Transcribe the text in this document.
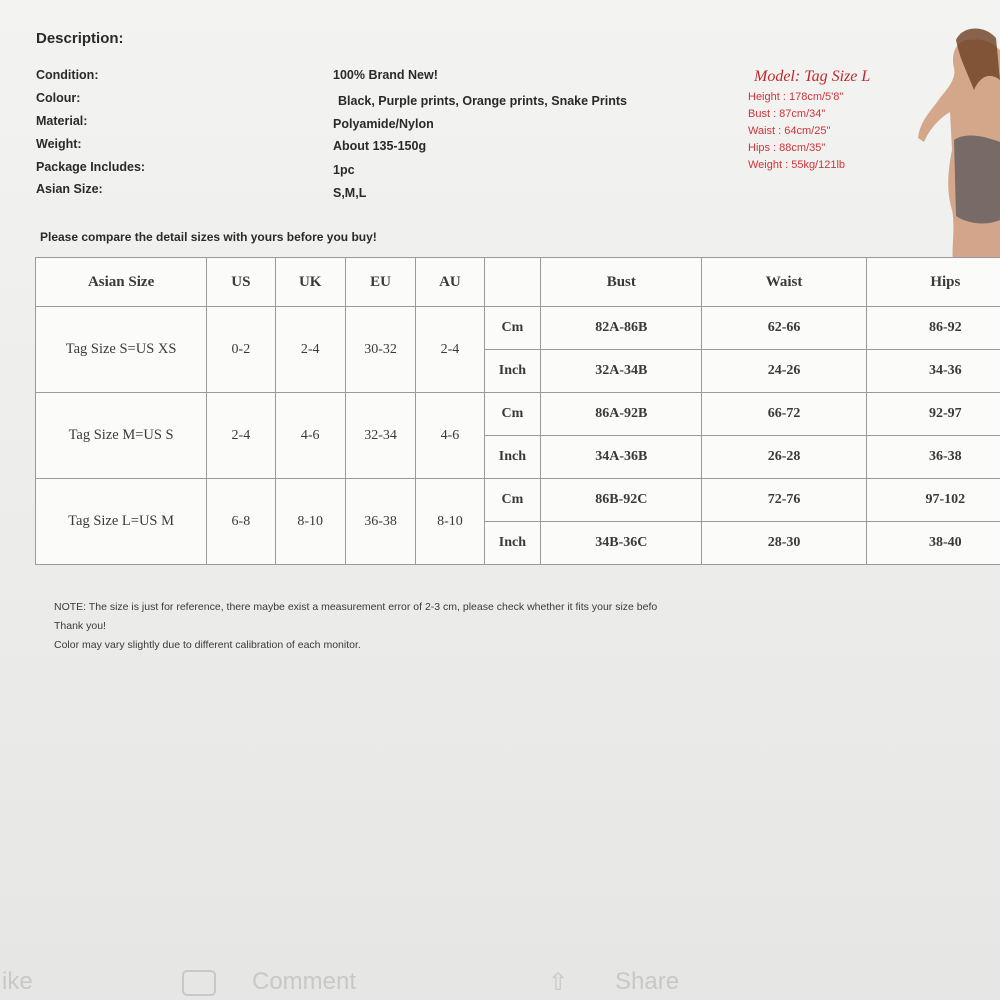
Description:
Condition:	100% Brand New!
Colour:	Black, Purple prints, Orange prints, Snake Prints
Material:	Polyamide/Nylon
Weight:	About 135-150g
Package Includes:	1pc
Asian Size:	S,M,L
Please compare the detail sizes with yours before you buy!
Model: Tag Size L
Height : 178cm/5'8"
Bust : 87cm/34"
Waist : 64cm/25"
Hips : 88cm/35"
Weight : 55kg/121lb
Asian Size	US	UK	EU	AU		Bust	Waist	Hips
Tag Size S=US XS	0-2	2-4	30-32	2-4	Cm	82A-86B	62-66	86-92
					Inch	32A-34B	24-26	34-36
Tag Size M=US S	2-4	4-6	32-34	4-6	Cm	86A-92B	66-72	92-97
					Inch	34A-36B	26-28	36-38
Tag Size L=US M	6-8	8-10	36-38	8-10	Cm	86B-92C	72-76	97-102
					Inch	34B-36C	28-30	38-40
NOTE: The size is just for reference, there maybe exist a measurement error of 2-3 cm, please check whether it fits your size befo
Thank you!
Color may vary slightly due to different calibration of each monitor.
ike	Comment	⇧ Share
